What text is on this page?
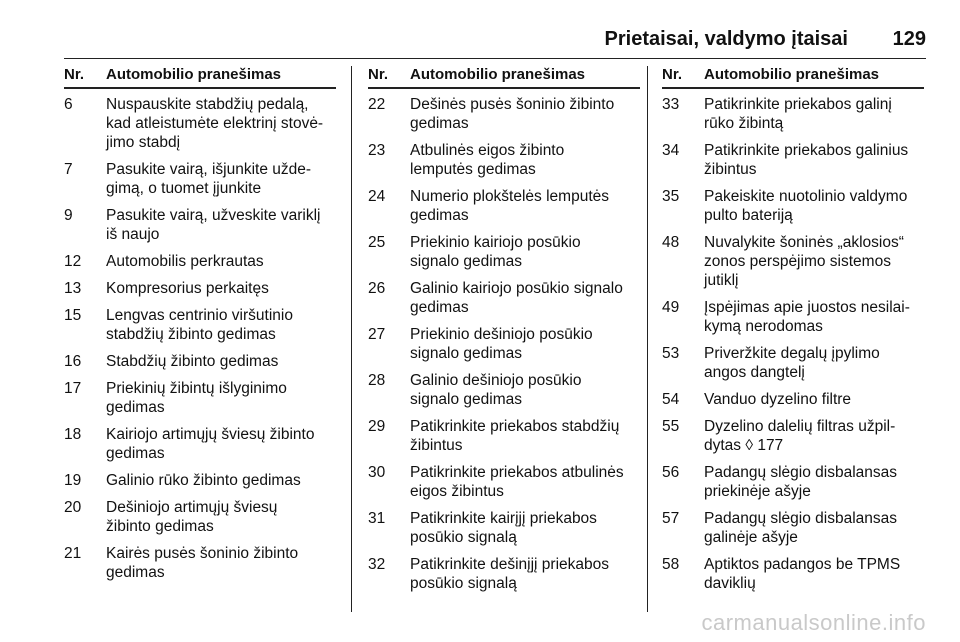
Prietaisai, valdymo įtaisai 129
Nr.	Automobilio pranešimas
6	Nuspauskite stabdžių pedalą,
kad atleistumėte elektrinį stovė-
jimo stabdį
7	Pasukite vairą, išjunkite užde-
gimą, o tuomet įjunkite
9	Pasukite vairą, užveskite variklį
iš naujo
12	Automobilis perkrautas
13	Kompresorius perkaitęs
15	Lengvas centrinio viršutinio
stabdžių žibinto gedimas
16	Stabdžių žibinto gedimas
17	Priekinių žibintų išlyginimo
gedimas
18	Kairiojo artimųjų šviesų žibinto
gedimas
19	Galinio rūko žibinto gedimas
20	Dešiniojo artimųjų šviesų
žibinto gedimas
21	Kairės pusės šoninio žibinto
gedimas
Nr.	Automobilio pranešimas
22	Dešinės pusės šoninio žibinto
gedimas
23	Atbulinės eigos žibinto
lemputės gedimas
24	Numerio plokštelės lemputės
gedimas
25	Priekinio kairiojo posūkio
signalo gedimas
26	Galinio kairiojo posūkio signalo
gedimas
27	Priekinio dešiniojo posūkio
signalo gedimas
28	Galinio dešiniojo posūkio
signalo gedimas
29	Patikrinkite priekabos stabdžių
žibintus
30	Patikrinkite priekabos atbulinės
eigos žibintus
31	Patikrinkite kairįjį priekabos
posūkio signalą
32	Patikrinkite dešinįjį priekabos
posūkio signalą
Nr.	Automobilio pranešimas
33	Patikrinkite priekabos galinį
rūko žibintą
34	Patikrinkite priekabos galinius
žibintus
35	Pakeiskite nuotolinio valdymo
pulto bateriją
48	Nuvalykite šoninės „aklosios“
zonos perspėjimo sistemos
jutiklį
49	Įspėjimas apie juostos nesilai-
kymą nerodomas
53	Priveržkite degalų įpylimo
angos dangtelį
54	Vanduo dyzelino filtre
55	Dyzelino dalelių filtras užpil-
dytas ◊ 177
56	Padangų slėgio disbalansas
priekinėje ašyje
57	Padangų slėgio disbalansas
galinėje ašyje
58	Aptiktos padangos be TPMS
daviklių
carmanualsonline.info
